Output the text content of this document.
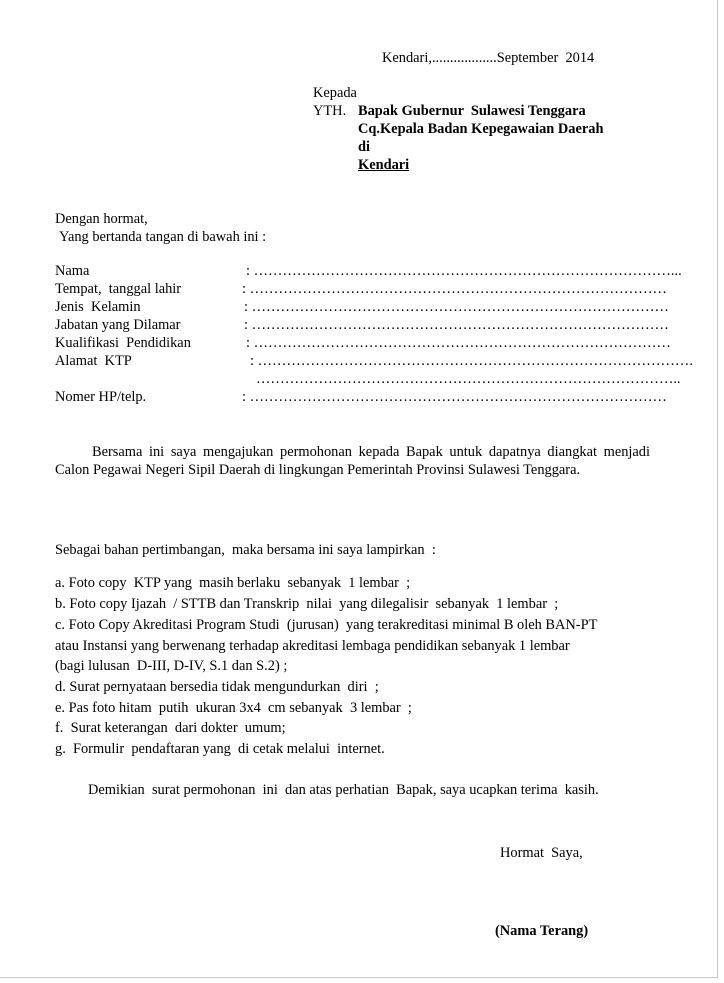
Kendari,..................September  2014
Kepada
YTH. Bapak Gubernur  Sulawesi Tenggara
Cq.Kepala Badan Kepegawaian Daerah
di
Kendari
Dengan hormat,
Yang bertanda tangan di bawah ini :
Nama	: ……………………………………………………………………………...
Tempat,  tanggal lahir	: ……………………………………………………………………………
Jenis  Kelamin	: ……………………………………………………………………………
Jabatan yang Dilamar	: ……………………………………………………………………………
Kualifikasi  Pendidikan	: ……………………………………………………………………………
Alamat  KTP	: ……………………………………………………………………………….
……………………………………………………………………………..
Nomer HP/telp.	: ……………………………………………………………………………
Bersama ini saya mengajukan permohonan kepada Bapak untuk dapatnya diangkat menjadi Calon Pegawai Negeri Sipil Daerah di lingkungan Pemerintah Provinsi Sulawesi Tenggara.
Sebagai bahan pertimbangan,  maka bersama ini saya lampirkan  :
a. Foto copy  KTP yang  masih berlaku  sebanyak  1 lembar  ;
b. Foto copy Ijazah  / STTB dan Transkrip  nilai  yang dilegalisir  sebanyak  1 lembar  ;
c. Foto Copy Akreditasi Program Studi  (jurusan)  yang terakreditasi minimal B oleh BAN-PT
atau Instansi yang berwenang terhadap akreditasi lembaga pendidikan sebanyak 1 lembar
(bagi lulusan  D-III, D-IV, S.1 dan S.2) ;
d. Surat pernyataan bersedia tidak mengundurkan  diri  ;
e. Pas foto hitam  putih  ukuran 3x4  cm sebanyak  3 lembar  ;
f.  Surat keterangan  dari dokter  umum;
g.  Formulir  pendaftaran yang  di cetak melalui  internet.
Demikian  surat permohonan  ini  dan atas perhatian  Bapak, saya ucapkan terima  kasih.
Hormat  Saya,
(Nama Terang)
